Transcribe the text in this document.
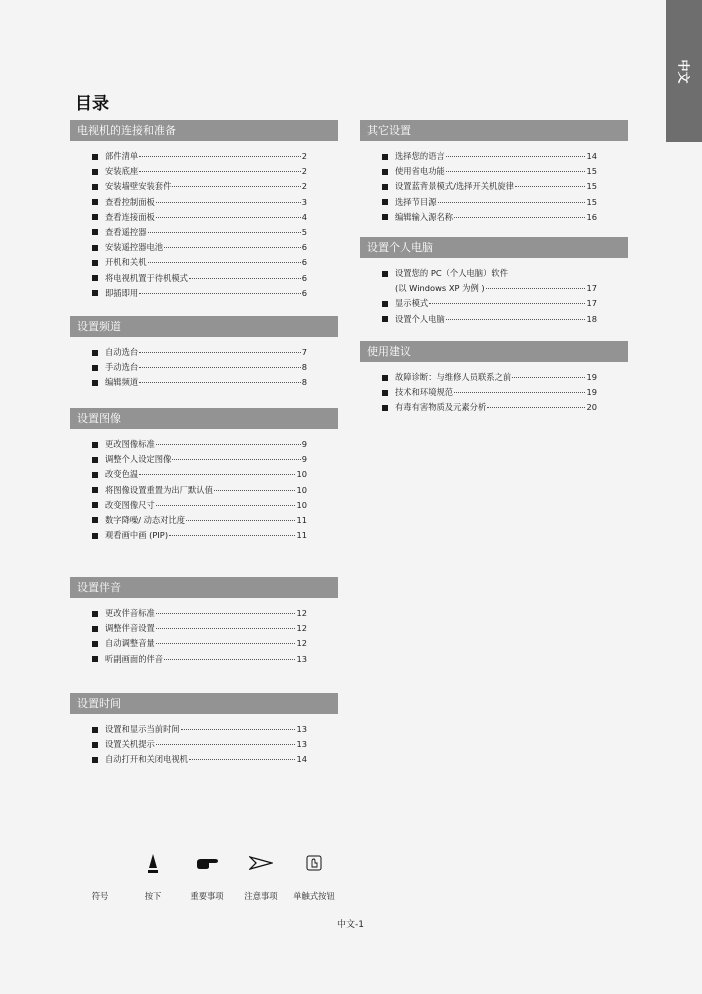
中文
目录
电视机的连接和准备
部件清单	2
安装底座	2
安装墙壁安装套件	2
查看控制面板	3
查看连接面板	4
查看遥控器	5
安装遥控器电池	6
开机和关机	6
将电视机置于待机模式	6
即插即用	6
设置频道
自动选台	7
手动选台	8
编辑频道	8
设置图像
更改图像标准	9
调整个人设定图像	9
改变色温	10
将图像设置重置为出厂默认值	10
改变图像尺寸	10
数字降噪/ 动态对比度	11
观看画中画 (PIP)	11
设置伴音
更改伴音标准	12
调整伴音设置	12
自动调整音量	12
听副画面的伴音	13
设置时间
设置和显示当前时间	13
设置关机提示	13
自动打开和关闭电视机	14
其它设置
选择您的语言	14
使用省电功能	15
设置蓝背景模式/选择开关机旋律	15
选择节目源	15
编辑输入源名称	16
设置个人电脑
设置您的 PC（个人电脑）软件
(以 Windows XP 为例 )	17
显示模式	17
设置个人电脑	18
使用建议
故障诊断：与维修人员联系之前	19
技术和环境规范	19
有毒有害物质及元素分析	20
符号	按下	重要事项	注意事项	单触式按钮
中文-1
